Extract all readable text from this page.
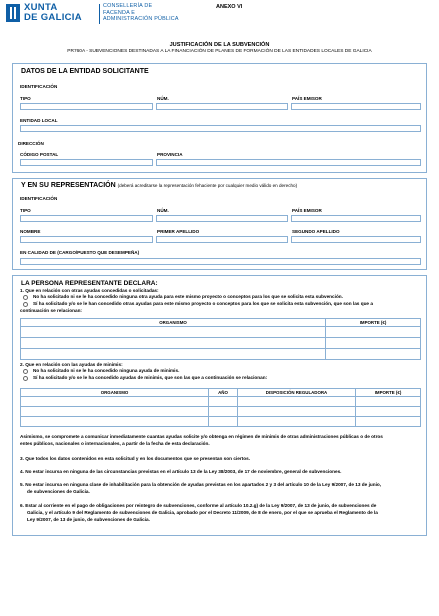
XUNTA
DE GALICIA
CONSELLERÍA DE
FACENDA E
ADMINISTRACIÓN PÚBLICA
ANEXO VI
JUSTIFICACIÓN DE LA SUBVENCIÓN
PR760A - SUBVENCIONES DESTINADAS A LA FINANCIACIÓN DE PLANES DE FORMACIÓN DE LAS ENTIDADES LOCALES DE GALICIA
DATOS DE LA ENTIDAD SOLICITANTE
IDENTIFICACIÓN
TIPO	NÚM.	PAÍS EMISOR
ENTIDAD LOCAL
DIRECCIÓN
CÓDIGO POSTAL	PROVINCIA
Y EN SU REPRESENTACIÓN (deberá acreditarse la representación fehaciente por cualquier medio válido en derecho)
IDENTIFICACIÓN
TIPO	NÚM.	PAÍS EMISOR
NOMBRE	PRIMER APELLIDO	SEGUNDO APELLIDO
EN CALIDAD DE (CARGO/PUESTO QUE DESEMPEÑA)
LA PERSONA REPRESENTANTE DECLARA:
1. Que en relación con otras ayudas concedidas o solicitadas:
No ha solicitado ni se le ha concedido ninguna otra ayuda para este mismo proyecto o conceptos para los que se solicita esta subvención.
Sí ha solicitado y/o se le han concedido otras ayudas para este mismo proyecto o conceptos para los que se solicita esta subvención, que son las que a
continuación se relacionan:
ORGANISMO	IMPORTE (€)

2. Que en relación con las ayudas de minimis:
No ha solicitado ni se le ha concedido ninguna ayuda de minimis.
Sí ha solicitado y/o se le ha concedido ayudas de minimis, que son las que a continuación se relacionan:
ORGANISMO	AÑO	DISPOSICIÓN REGULADORA	IMPORTE (€)

Asimismo, se compromete a comunicar inmediatamente cuantas ayudas solicite y/o obtenga en régimen de minimis de otras administraciones públicas o de otros
entes públicos, nacionales o internacionales, a partir de la fecha de esta declaración.
3. Que todos los datos contenidos en esta solicitud y en los documentos que se presentan son ciertos.
4. No estar incursa en ninguna de las circunstancias previstas en el artículo 13 de la Ley 38/2003, de 17 de noviembre, general de subvenciones.
5. No estar incursa en ninguna clase de inhabilitación para la obtención de ayudas previstas en los apartados 2 y 3 del artículo 10 de la Ley 9/2007, de 13 de junio,
de subvenciones de Galicia.
6. Estar al corriente en el pago de obligaciones por reintegro de subvenciones, conforme al artículo 10.2.g) de la Ley 9/2007, de 13 de junio, de subvenciones de
Galicia, y el artículo 9 del Reglamento de subvenciones de Galicia, aprobado por el Decreto 11/2009, de 8 de enero, por el que se aprueba el Reglamento de la
Ley 9/2007, de 13 de junio, de subvenciones de Galicia.
